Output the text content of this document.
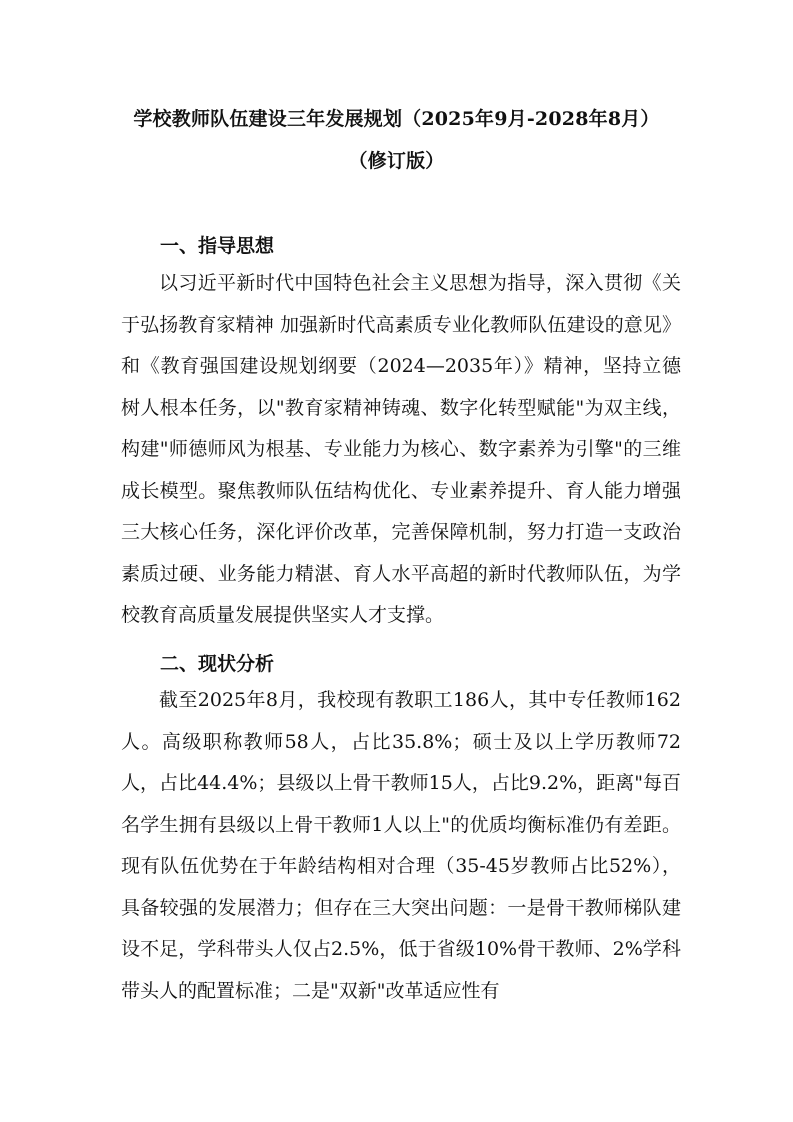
学校教师队伍建设三年发展规划（2025年9月-2028年8月）
（修订版）
一、指导思想
以习近平新时代中国特色社会主义思想为指导，深入贯彻《关于弘扬教育家精神 加强新时代高素质专业化教师队伍建设的意见》和《教育强国建设规划纲要（2024—2035年）》精神，坚持立德树人根本任务，以"教育家精神铸魂、数字化转型赋能"为双主线，构建"师德师风为根基、专业能力为核心、数字素养为引擎"的三维成长模型。聚焦教师队伍结构优化、专业素养提升、育人能力增强三大核心任务，深化评价改革，完善保障机制，努力打造一支政治素质过硬、业务能力精湛、育人水平高超的新时代教师队伍，为学校教育高质量发展提供坚实人才支撑。
二、现状分析
截至2025年8月，我校现有教职工186人，其中专任教师162人。高级职称教师58人，占比35.8%；硕士及以上学历教师72人，占比44.4%；县级以上骨干教师15人，占比9.2%，距离"每百名学生拥有县级以上骨干教师1人以上"的优质均衡标准仍有差距。现有队伍优势在于年龄结构相对合理（35-45岁教师占比52%），具备较强的发展潜力；但存在三大突出问题：一是骨干教师梯队建设不足，学科带头人仅占2.5%，低于省级10%骨干教师、2%学科带头人的配置标准；二是"双新"改革适应性有
